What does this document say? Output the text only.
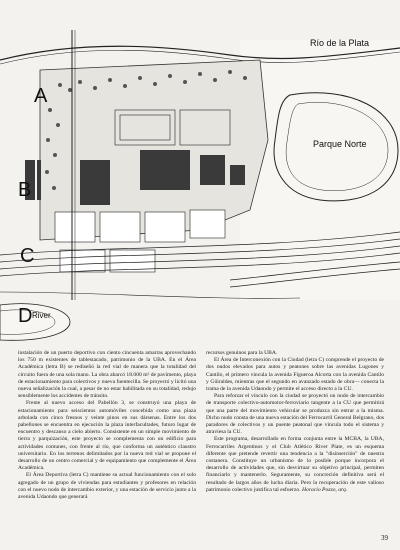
Río de la Plata
Parque Norte
River
A
B
C
D

instalación de un puerto deportivo con ciento cincuenta amarras aprovechando los 750 m existentes de tablestacado, patrimonio de la UBA. En el Área Académica (letra B) se rediseñó la red vial de manera que la totalidad del circuito fuera de una sola mano. La obra abarcó 18.000 m² de pavimento, playa de estacionamiento para colectivos y nueva fuentecilla. Se proyectó y licitó una nueva señalización la cual, a pesar de no estar habilitada en su totalidad, redujo sensiblemente los accidentes de tránsito.

Frente al nuevo acceso del Pabellón 3, se construyó una playa de estacionamiento para seiscientos automóviles concebida como una plaza arbolada con cinco fresnos y veinte pinos en sus dársenas. Entre los dos pabellones se encuentra en ejecución la plaza interfacultades, futuro lugar de encuentro y descanso a cielo abierto. Consistente en un simple movimiento de tierra y parquización, este proyecto se complementa con un edificio para actividades comunes, con frente al río, que conforma un auténtico claustro universitario. En los terrenos delimitados por la nueva red vial se propone el desarrollo de un centro comercial y de equipamiento que complemente el Área Académica.

El Área Deportiva (letra C) mantiene su actual funcionamiento con el solo agregado de un grupo de viviendas para estudiantes y profesores en relación con el nuevo nodo de intercambio exterior, y una estación de servicio junto a la avenida Udaondo que generará

recursos genuinos para la UBA.

El Área de Interconexión con la Ciudad (letra C) comprende el proyecto de dos nudos elevados para autos y peatones sobre las avenidas Lugones y Cantilo, el primero vincula la avenida Figueroa Alcorta con la avenida Cantilo y Güiraldes, mientras que el segundo en avanzado estado de obra— conecta la trama de la avenida Udaondo y permite el acceso directo a la CU.

Para reforzar el vínculo con la ciudad se proyectó un nudo de intercambio de transporte colectivo-automotor-ferroviario tangente a la CU que permitirá que una parte del movimiento vehicular se produzca sin entrar a la misma. Dicho nudo consta de una nueva estación del Ferrocarril General Belgrano, dos paradores de colectivos y un puente peatonal que vincula todo el sistema y atraviesa la CU.

Este programa, desarrollado en forma conjunta entre la MCBA, la UBA, Ferrocarriles Argentinos y el Club Atlético River Plate, es un esquema diferente que pretende revertir una tendencia a la "disinserción" de nuestra costanera. Constituye un urbanismo de lo posible porque incorpora el desarrollo de actividades que, sin desvirtuar su objetivo principal, permiten financiarlo y mantenerlo. Seguramente, su concreción definitiva será el resultado de largos años de lucha diaria. Pero la recuperación de este valioso patrimonio colectivo justifica tal esfuerzo. Horacio Pozzo, arq.

39
